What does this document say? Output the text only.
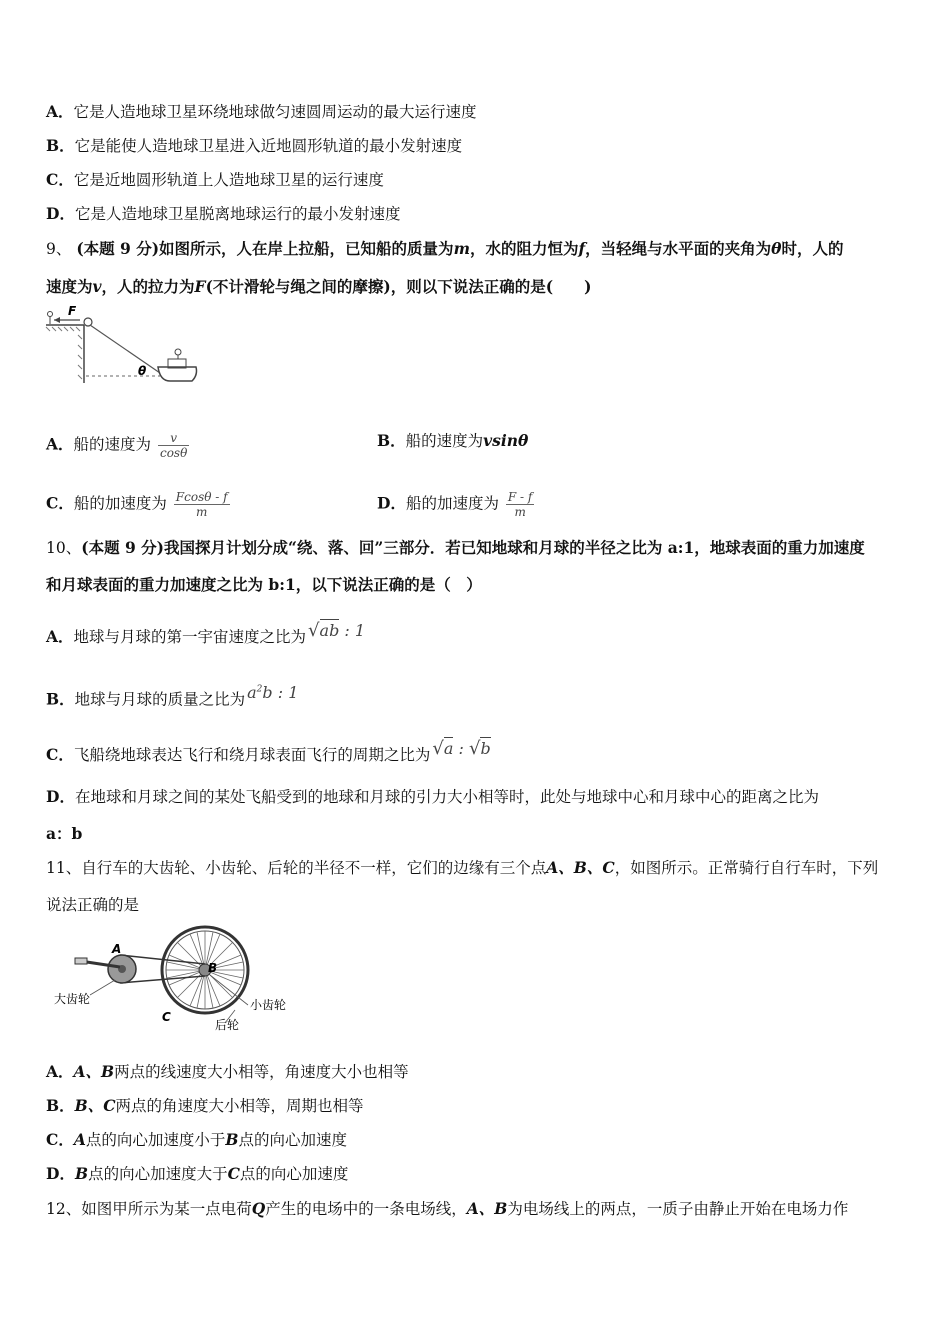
A．它是人造地球卫星环绕地球做匀速圆周运动的最大运行速度
B．它是能使人造地球卫星进入近地圆形轨道的最小发射速度
C．它是近地圆形轨道上人造地球卫星的运行速度
D．它是人造地球卫星脱离地球运行的最小发射速度
9、 (本题 9 分)如图所示，人在岸上拉船，已知船的质量为m，水的阻力恒为f，当轻绳与水平面的夹角为θ时，人的
速度为v，人的拉力为F(不计滑轮与绳之间的摩擦)，则以下说法正确的是(　　)
F
θ
A．船的速度为 $\frac{v}{\cos\theta}$	B．船的速度为vsinθ
C．船的加速度为 $\frac{Fcos\theta - f}{m}$	D．船的加速度为 $\frac{F - f}{m}$
10、(本题 9 分)我国探月计划分成“绕、落、回”三部分．若已知地球和月球的半径之比为 a:1，地球表面的重力加速度
和月球表面的重力加速度之比为 b:1，以下说法正确的是（　）
A．地球与月球的第一宇宙速度之比为 √ab : 1
B．地球与月球的质量之比为 $a^2b$ : 1
C．飞船绕地球表达飞行和绕月球表面飞行的周期之比为 √a : √b
D．在地球和月球之间的某处飞船受到的地球和月球的引力大小相等时，此处与地球中心和月球中心的距离之比为
a：b
11、自行车的大齿轮、小齿轮、后轮的半径不一样，它们的边缘有三个点A、B、C，如图所示。正常骑行自行车时，下列
说法正确的是
A
B
C
大齿轮	小齿轮
后轮
A．A、B两点的线速度大小相等，角速度大小也相等
B．B、C两点的角速度大小相等，周期也相等
C．A点的向心加速度小于B点的向心加速度
D．B点的向心加速度大于C点的向心加速度
12、如图甲所示为某一点电荷Q产生的电场中的一条电场线，A、B为电场线上的两点，一质子由静止开始在电场力作
